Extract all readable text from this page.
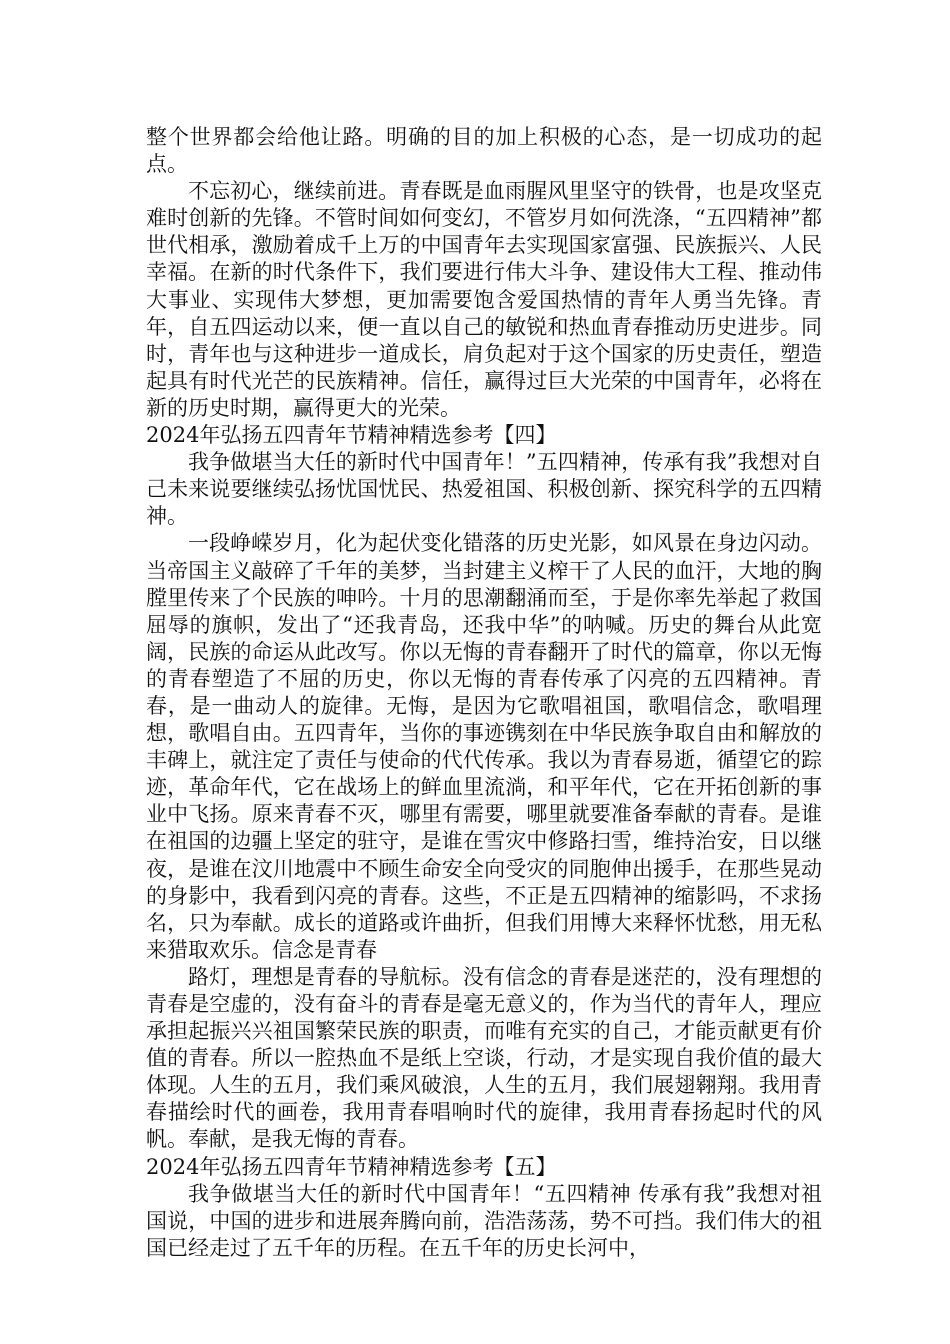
整个世界都会给他让路。明确的目的加上积极的心态，是一切成功的起点。

不忘初心，继续前进。青春既是血雨腥风里坚守的铁骨，也是攻坚克难时创新的先锋。不管时间如何变幻，不管岁月如何洗涤，“五四精神”都世代相承，激励着成千上万的中国青年去实现国家富强、民族振兴、人民幸福。在新的时代条件下，我们要进行伟大斗争、建设伟大工程、推动伟大事业、实现伟大梦想，更加需要饱含爱国热情的青年人勇当先锋。青年，自五四运动以来，便一直以自己的敏锐和热血青春推动历史进步。同时，青年也与这种进步一道成长，肩负起对于这个国家的历史责任，塑造起具有时代光芒的民族精神。信任，赢得过巨大光荣的中国青年，必将在新的历史时期，赢得更大的光荣。

2024年弘扬五四青年节精神精选参考【四】

我争做堪当大任的新时代中国青年！”五四精神，传承有我”我想对自己未来说要继续弘扬忧国忧民、热爱祖国、积极创新、探究科学的五四精神。

一段峥嵘岁月，化为起伏变化错落的历史光影，如风景在身边闪动。当帝国主义敲碎了千年的美梦，当封建主义榨干了人民的血汗，大地的胸膛里传来了个民族的呻吟。十月的思潮翻涌而至，于是你率先举起了救国屈辱的旗帜，发出了“还我青岛，还我中华”的呐喊。历史的舞台从此宽阔，民族的命运从此改写。你以无悔的青春翻开了时代的篇章，你以无悔的青春塑造了不屈的历史，你以无悔的青春传承了闪亮的五四精神。青春，是一曲动人的旋律。无悔，是因为它歌唱祖国，歌唱信念，歌唱理想，歌唱自由。五四青年，当你的事迹镌刻在中华民族争取自由和解放的丰碑上，就注定了责任与使命的代代传承。我以为青春易逝，循望它的踪迹，革命年代，它在战场上的鲜血里流淌，和平年代，它在开拓创新的事业中飞扬。原来青春不灭，哪里有需要，哪里就要准备奉献的青春。是谁在祖国的边疆上坚定的驻守，是谁在雪灾中修路扫雪，维持治安，日以继夜，是谁在汶川地震中不顾生命安全向受灾的同胞伸出援手，在那些晃动的身影中，我看到闪亮的青春。这些，不正是五四精神的缩影吗，不求扬名，只为奉献。成长的道路或许曲折，但我们用博大来释怀忧愁，用无私来猎取欢乐。信念是青春

路灯，理想是青春的导航标。没有信念的青春是迷茫的，没有理想的青春是空虚的，没有奋斗的青春是毫无意义的，作为当代的青年人，理应承担起振兴兴祖国繁荣民族的职责，而唯有充实的自己，才能贡献更有价值的青春。所以一腔热血不是纸上空谈，行动，才是实现自我价值的最大体现。人生的五月，我们乘风破浪，人生的五月，我们展翅翱翔。我用青春描绘时代的画卷，我用青春唱响时代的旋律，我用青春扬起时代的风帆。奉献，是我无悔的青春。

2024年弘扬五四青年节精神精选参考【五】

我争做堪当大任的新时代中国青年！“五四精神 传承有我”我想对祖国说，中国的进步和进展奔腾向前，浩浩荡荡，势不可挡。我们伟大的祖国已经走过了五千年的历程。在五千年的历史长河中，
